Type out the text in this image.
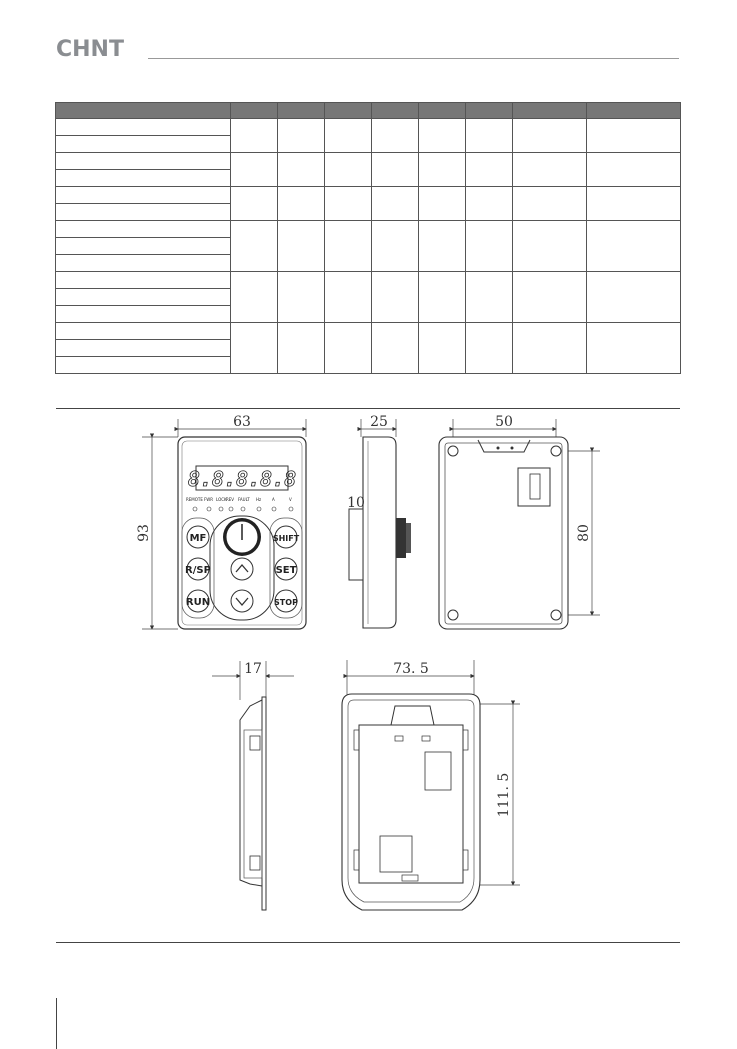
CHNT

63
93
8.8.8.8.8
REMOTE FWR LOCK REV FAULT Hz	A	V
MF
R/SP
RUN
SHIFT
SET
STOP
25
10
50
80
17	73. 5
111. 5
